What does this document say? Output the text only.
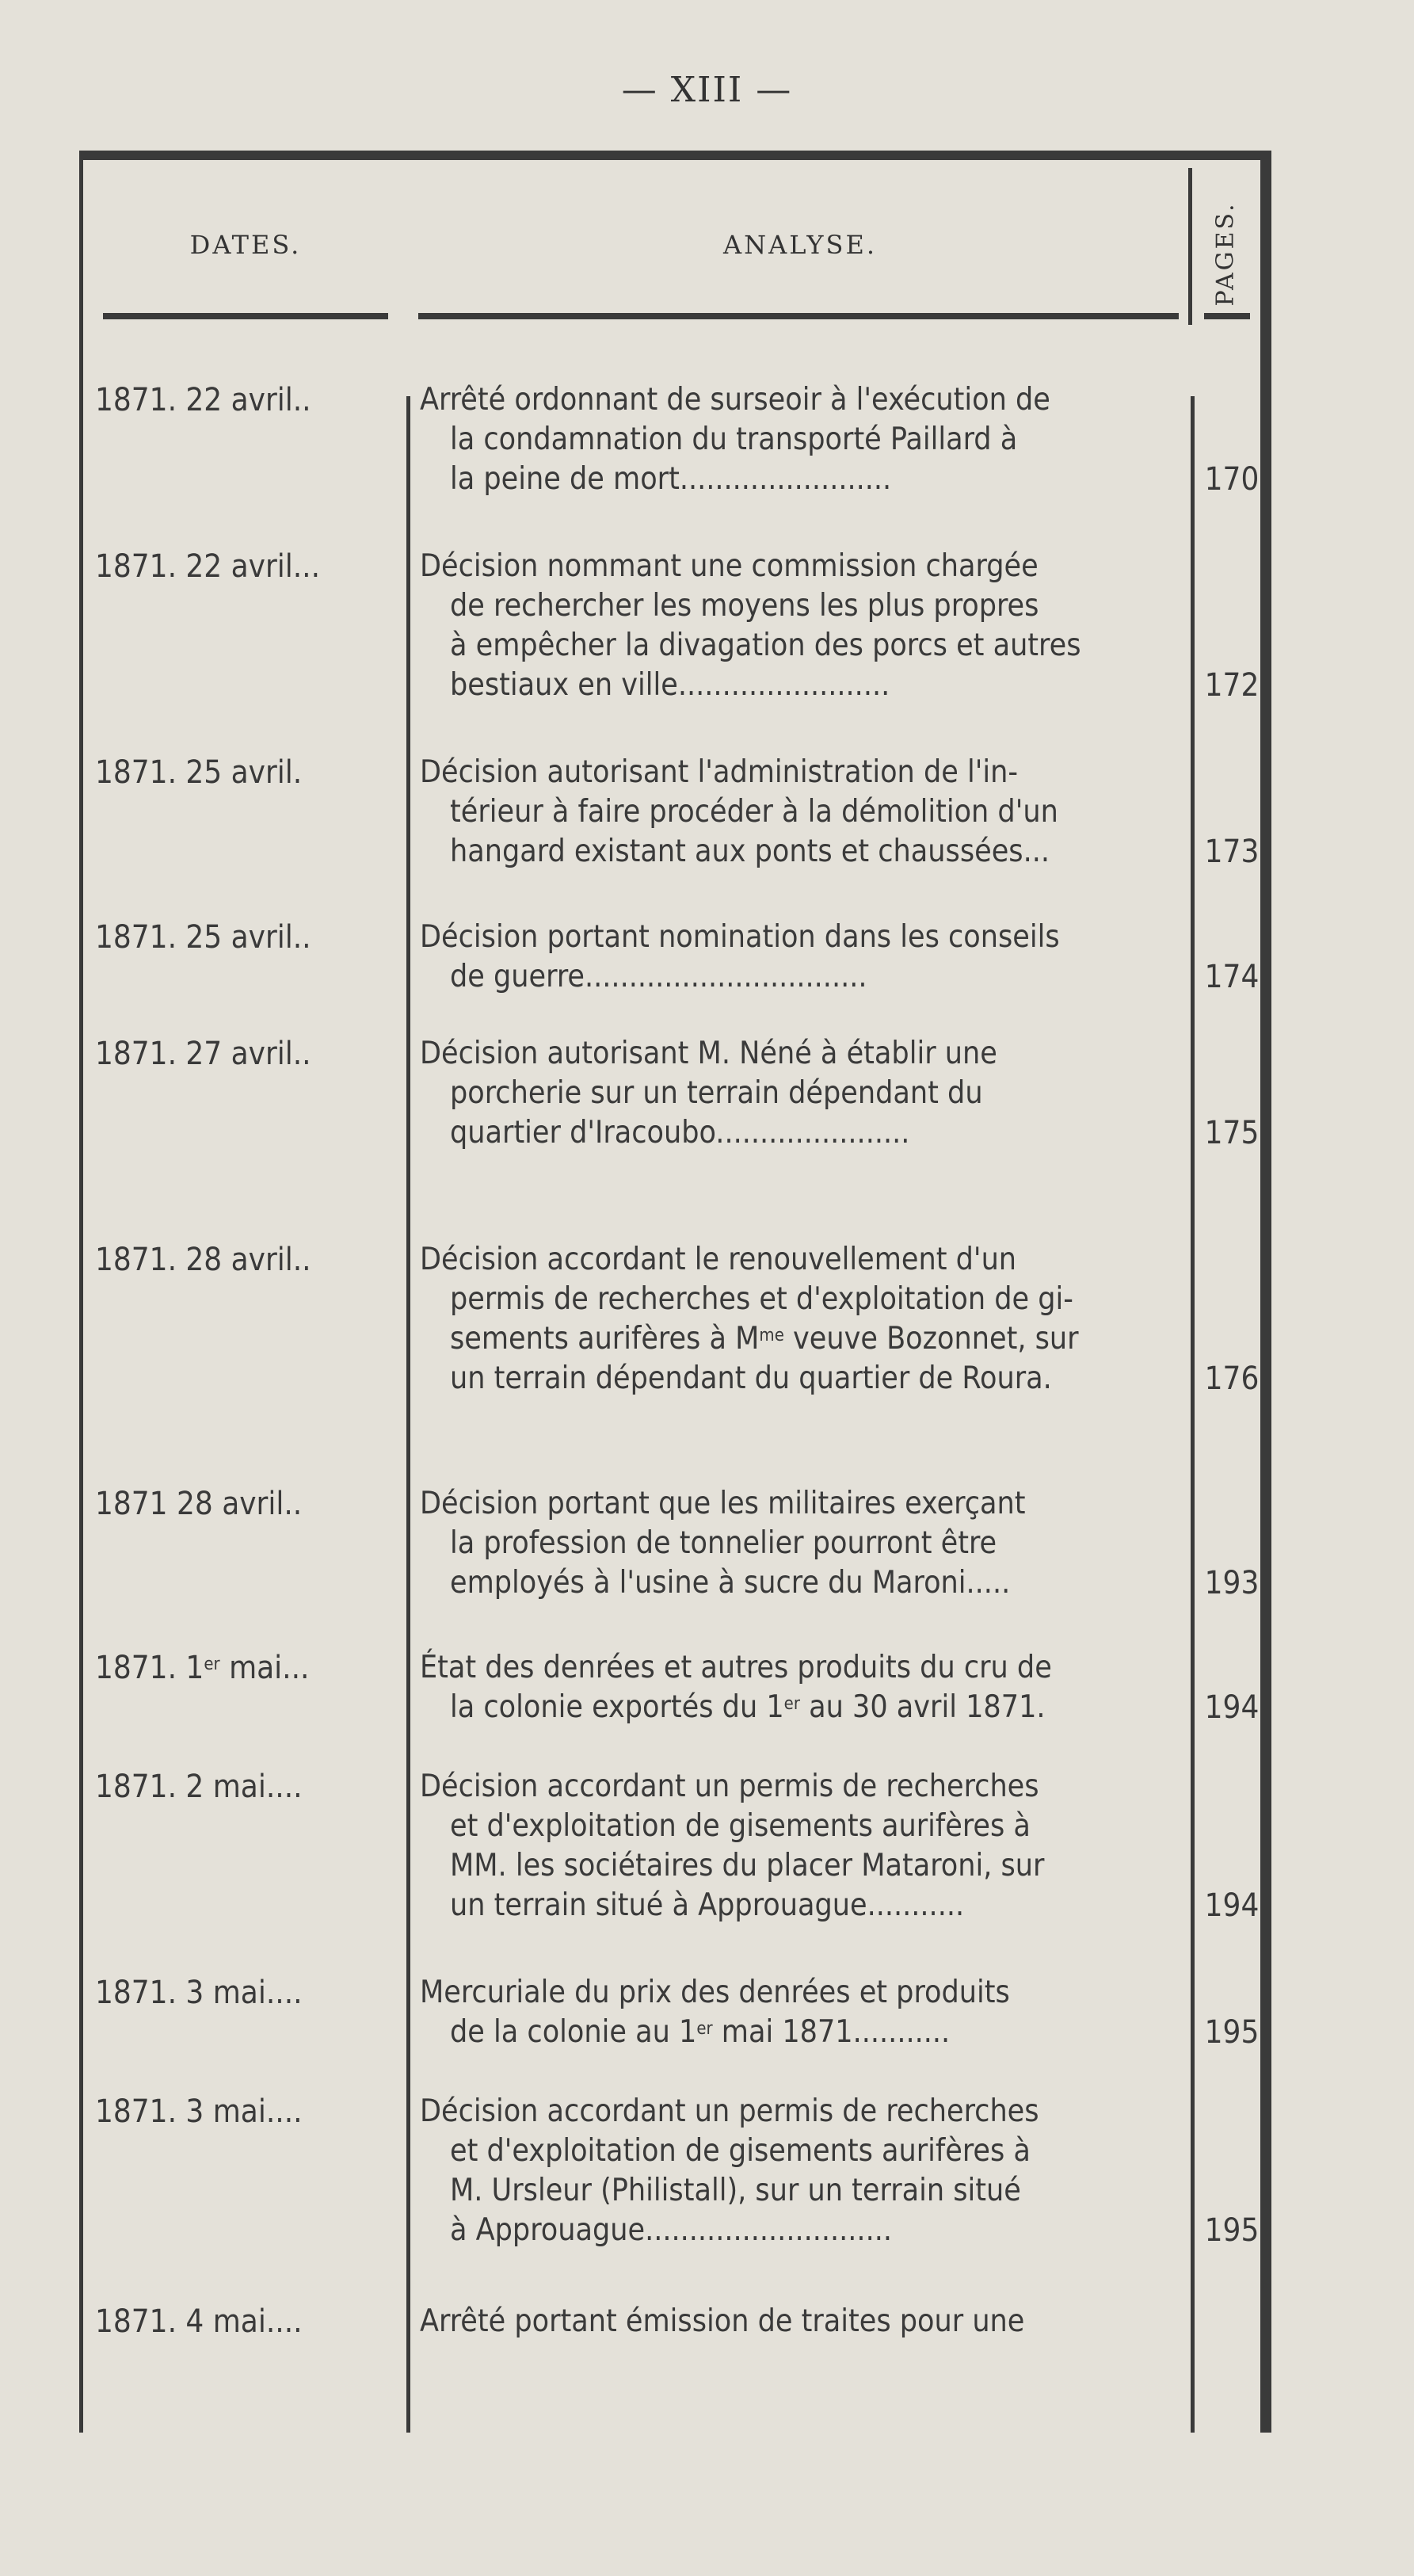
— XIII —
DATES.	ANALYSE.	PAGES.
1871. 22 avril..	Arrêté ordonnant de surseoir à l'exécution de
la condamnation du transporté Paillard à
la peine de mort........................	170
1871. 22 avril...	Décision nommant une commission chargée
de rechercher les moyens les plus propres
à empêcher la divagation des porcs et autres
bestiaux en ville........................	172
1871. 25 avril.	Décision autorisant l'administration de l'in-
térieur à faire procéder à la démolition d'un
hangard existant aux ponts et chaussées...	173
1871. 25 avril..	Décision portant nomination dans les conseils
de guerre................................	174
1871. 27 avril..	Décision autorisant M. Néné à établir une
porcherie sur un terrain dépendant du
quartier d'Iracoubo......................	175
1871. 28 avril..	Décision accordant le renouvellement d'un
permis de recherches et d'exploitation de gi-
sements aurifères à $M^{me}$ veuve Bozonnet, sur
un terrain dépendant du quartier de Roura.	176
1871 28 avril..	Décision portant que les militaires exerçant
la profession de tonnelier pourront être
employés à l'usine à sucre du Maroni.....	193
1871. 1er mai...	État des denrées et autres produits du cru de
la colonie exportés du 1er au 30 avril 1871.	194
1871. 2 mai....	Décision accordant un permis de recherches
et d'exploitation de gisements aurifères à
MM. les sociétaires du placer Mataroni, sur
un terrain situé à Approuague...........	194
1871. 3 mai....	Mercuriale du prix des denrées et produits
de la colonie au 1er mai 1871...........	195
1871. 3 mai....	Décision accordant un permis de recherches
et d'exploitation de gisements aurifères à
M. Ursleur (Philistall), sur un terrain situé
à Approuague............................	195
1871. 4 mai....	Arrêté portant émission de traites pour une
